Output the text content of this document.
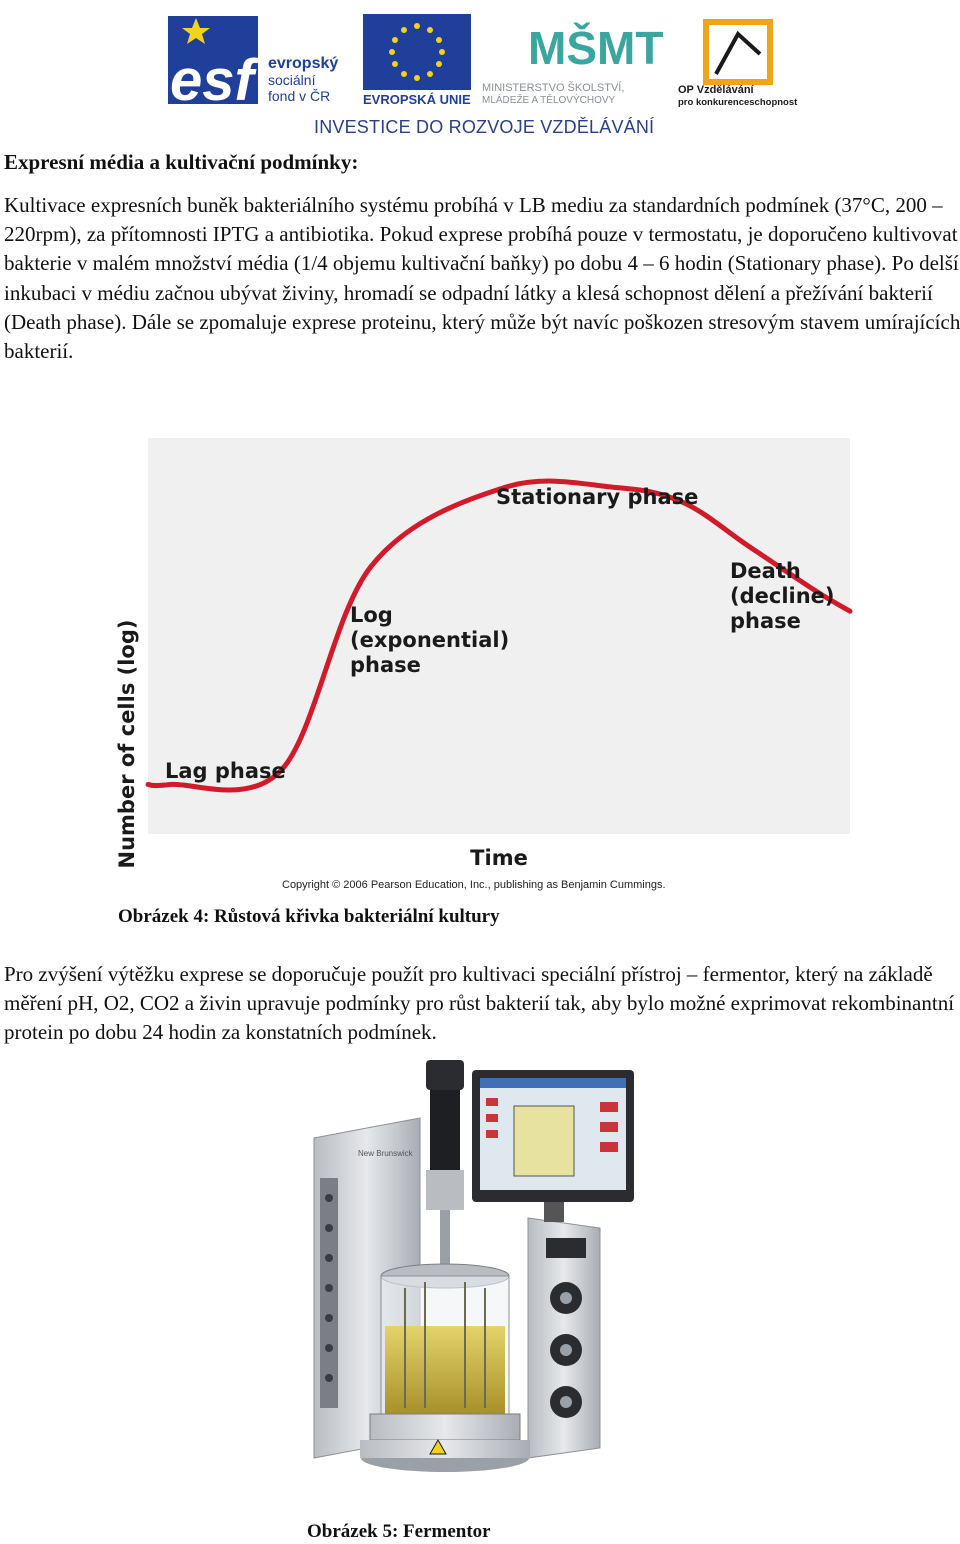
esf evropský
sociální
fond v ČR	EVROPSKÁ UNIE
MŠMT
MINISTERSTVO ŠKOLSTVÍ,
MLÁDEŽE A TĚLOVÝCHOVY
OP Vzdělávání
pro konkurenceschopnost
INVESTICE DO ROZVOJE VZDĚLÁVÁNÍ
Expresní média a kultivační podmínky:

Kultivace expresních buněk bakteriálního systému probíhá v LB mediu za standardních podmínek (37°C, 200 – 220rpm), za přítomnosti IPTG a antibiotika. Pokud exprese probíhá pouze v termostatu, je doporučeno kultivovat bakterie v malém množství média (1/4 objemu kultivační baňky) po dobu 4 – 6 hodin (Stationary phase). Po delší inkubaci v médiu začnou ubývat živiny, hromadí se odpadní látky a klesá schopnost dělení a přežívání bakterií (Death phase). Dále se zpomaluje exprese proteinu, který může být navíc poškozen stresovým stavem umírajících bakterií.

Number of cells (log)	Time
Lag phase
Log
(exponential)
phase
Stationary phase
Death
(decline)
phase
Copyright © 2006 Pearson Education, Inc., publishing as Benjamin Cummings.
Obrázek 4: Růstová křivka bakteriální kultury

Pro zvýšení výtěžku exprese se doporučuje použít pro kultivaci speciální přístroj – fermentor, který na základě měření pH, O2, CO2 a živin upravuje podmínky pro růst bakterií tak, aby bylo možné exprimovat rekombinantní protein po dobu 24 hodin za konstatních podmínek.

New Brunswick
Obrázek 5: Fermentor
